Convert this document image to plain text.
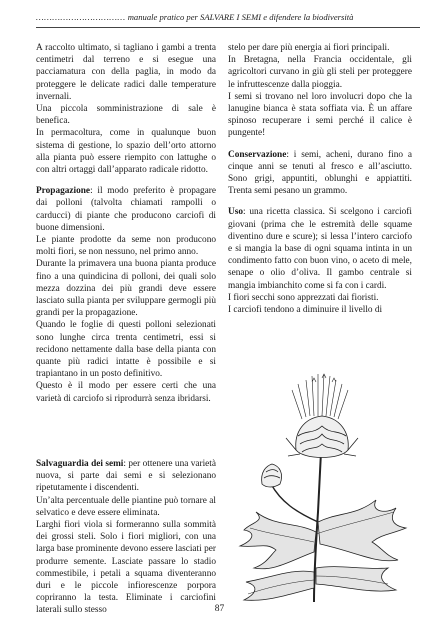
…………………………… manuale pratico per SALVARE I SEMI e difendere la biodiversità

A raccolto ultimato, si tagliano i gambi a trenta centimetri dal terreno e si esegue una pacciamatura con della paglia, in modo da proteggere le delicate radici dalle temperature invernali.

Una piccola somministrazione di sale è benefica.

In permacoltura, come in qualunque buon sistema di gestione, lo spazio dell’orto attorno alla pianta può essere riempito con lattughe o con altri ortaggi dall’apparato radicale ridotto.

Propagazione: il modo preferito è propagare dai polloni (talvolta chiamati rampolli o carducci) di piante che producono carciofi di buone dimensioni.

Le piante prodotte da seme non producono molti fiori, se non nessuno, nel primo anno.

Durante la primavera una buona pianta produce fino a una quindicina di polloni, dei quali solo mezza dozzina dei più grandi deve essere lasciato sulla pianta per sviluppare germogli più grandi per la propagazione.

Quando le foglie di questi polloni selezionati sono lunghe circa trenta centimetri, essi si recidono nettamente dalla base della pianta con quante più radici intatte è possibile e si trapiantano in un posto definitivo.

Questo è il modo per essere certi che una varietà di carciofo si riprodurrà senza ibridarsi.

Salvaguardia dei semi: per ottenere una varietà nuova, si parte dai semi e si selezionano ripetutamente i discendenti.

Un’alta percentuale delle piantine può tornare al selvatico e deve essere eliminata.

Larghi fiori viola si formeranno sulla sommità dei grossi steli. Solo i fiori migliori, con una larga base prominente devono essere lasciati per produrre semente. Lasciate passare lo stadio commestibile, i petali a squama diventeranno duri e le piccole infiorescenze porpora copriranno la testa. Eliminate i carciofini laterali sullo stesso

stelo per dare più energia ai fiori principali.

In Bretagna, nella Francia occidentale, gli agricoltori curvano in giù gli steli per proteggere le infruttescenze dalla pioggia.

I semi si trovano nel loro involucri dopo che la lanugine bianca è stata soffiata via. È un affare spinoso recuperare i semi perché il calice è pungente!

Conservazione: i semi, acheni, durano fino a cinque anni se tenuti al fresco e all’asciutto. Sono grigi, appuntiti, oblunghi e appiattiti. Trenta semi pesano un grammo.

Uso: una ricetta classica. Si scelgono i carciofi giovani (prima che le estremità delle squame diventino dure e scure); si lessa l’intero carciofo e si mangia la base di ogni squama intinta in un condimento fatto con buon vino, o aceto di mele, senape o olio d’oliva. Il gambo centrale si mangia imbianchito come si fa con i cardi.

I fiori secchi sono apprezzati dai fioristi.

I carciofi tendono a diminuire il livello di

87
